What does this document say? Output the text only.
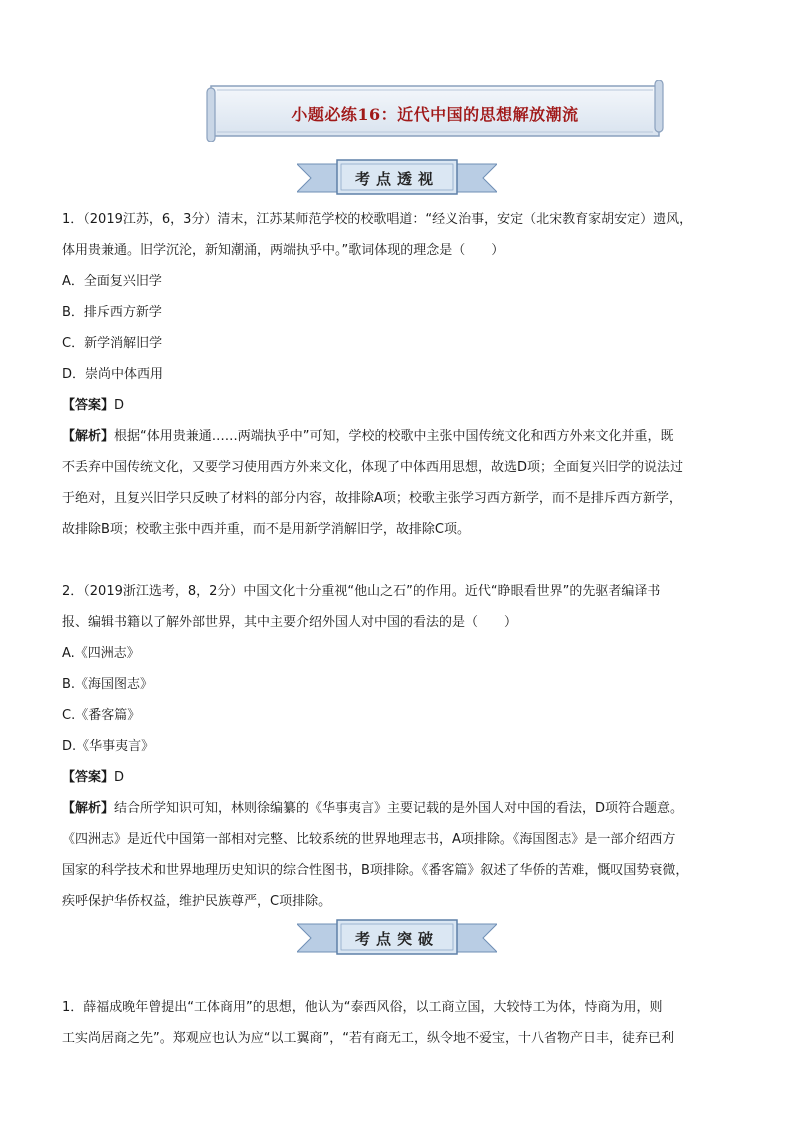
小题必练16：近代中国的思想解放潮流
考点透视

1．（2019江苏，6，3分）清末，江苏某师范学校的校歌唱道：“经义治事，安定（北宋教育家胡安定）遗风，

体用贵兼通。旧学沉沦，新知潮涌，两端执乎中。”歌词体现的理念是（　　）

A．全面复兴旧学

B．排斥西方新学

C．新学消解旧学

D．崇尚中体西用

【答案】D

【解析】根据“体用贵兼通……两端执乎中”可知，学校的校歌中主张中国传统文化和西方外来文化并重，既

不丢弃中国传统文化，又要学习使用西方外来文化，体现了中体西用思想，故选D项；全面复兴旧学的说法过

于绝对，且复兴旧学只反映了材料的部分内容，故排除A项；校歌主张学习西方新学，而不是排斥西方新学，

故排除B项；校歌主张中西并重，而不是用新学消解旧学，故排除C项。

2．（2019浙江选考，8，2分）中国文化十分重视“他山之石”的作用。近代“睁眼看世界”的先驱者编译书

报、编辑书籍以了解外部世界，其中主要介绍外国人对中国的看法的是（　　）

A.《四洲志》

B.《海国图志》

C.《番客篇》

D.《华事夷言》

【答案】D

【解析】结合所学知识可知，林则徐编纂的《华事夷言》主要记载的是外国人对中国的看法，D项符合题意。

《四洲志》是近代中国第一部相对完整、比较系统的世界地理志书，A项排除。《海国图志》是一部介绍西方

国家的科学技术和世界地理历史知识的综合性图书，B项排除。《番客篇》叙述了华侨的苦难，慨叹国势衰微，

疾呼保护华侨权益，维护民族尊严，C项排除。

考点突破

1．薛福成晚年曾提出“工体商用”的思想，他认为“泰西风俗，以工商立国，大较恃工为体，恃商为用，则

工实尚居商之先”。郑观应也认为应“以工翼商”，“若有商无工，纵令地不爱宝，十八省物产日丰，徒弃已利
